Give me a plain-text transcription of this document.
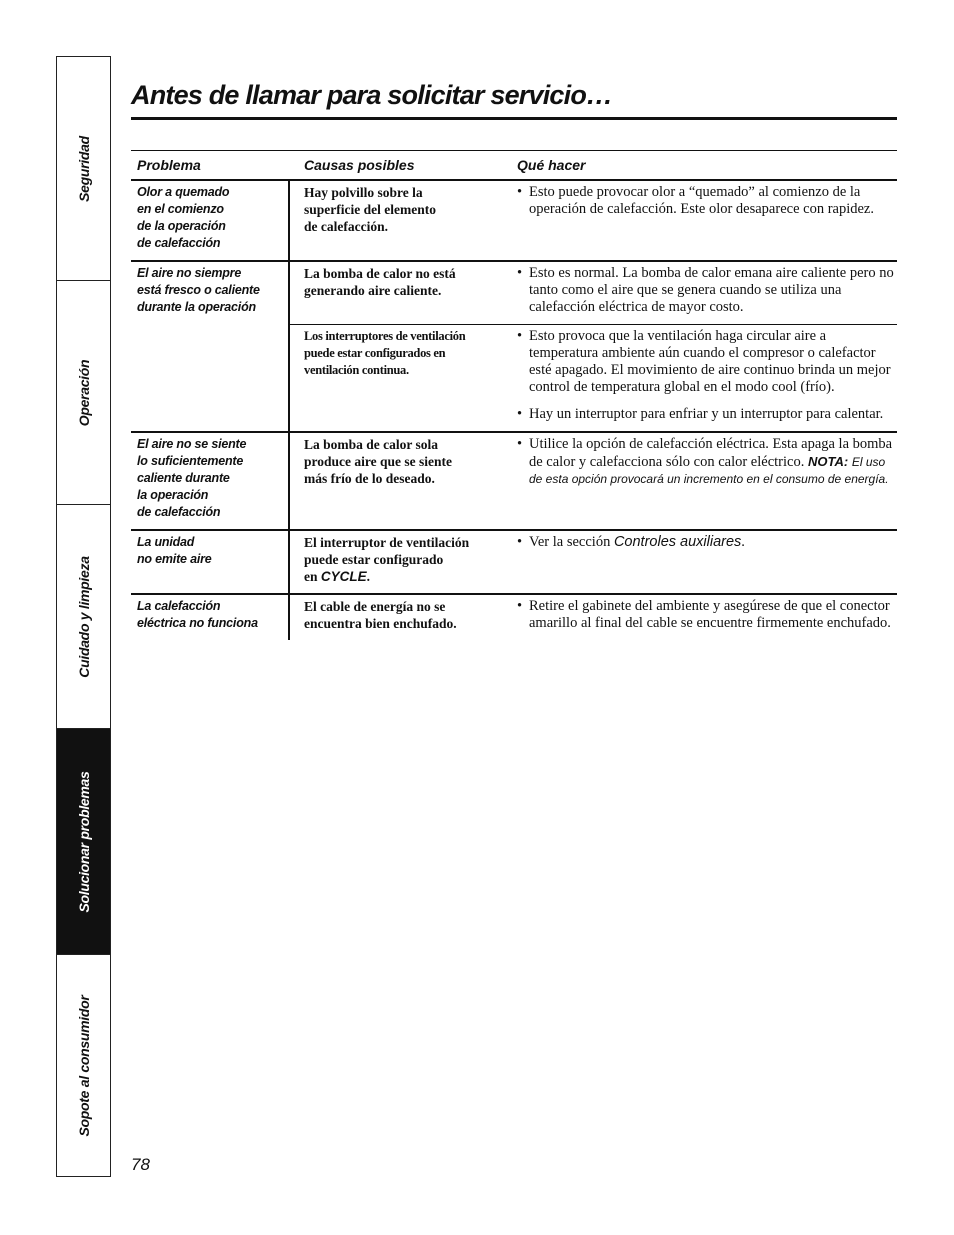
Seguridad
Operación
Cuidado y limpieza
Solucionar problemas
Sopote al consumidor
Antes de llamar para solicitar servicio…
Problema	Causas posibles	Qué hacer
Olor a quemado
en el comienzo
de la operación
de calefacción
Hay polvillo sobre la
superficie del elemento
de calefacción.
• Esto puede provocar olor a “quemado” al comienzo de la operación de calefacción. Este olor desaparece con rapidez.
El aire no siempre
está fresco o caliente
durante la operación
La bomba de calor no está
generando aire caliente.
• Esto es normal. La bomba de calor emana aire caliente pero no tanto como el aire que se genera cuando se utiliza una calefacción eléctrica de mayor costo.
Los interruptores de ventilación
puede estar configurados en
ventilación continua.
• Esto provoca que la ventilación haga circular aire a temperatura ambiente aún cuando el compresor o calefactor esté apagado. El movimiento de aire continuo brinda un mejor control de temperatura global en el modo cool (frío).
• Hay un interruptor para enfriar y un interruptor para calentar.
El aire no se siente
lo suficientemente
caliente durante
la operación
de calefacción
La bomba de calor sola
produce aire que se siente
más frío de lo deseado.
• Utilice la opción de calefacción eléctrica. Esta apaga la bomba de calor y calefacciona sólo con calor eléctrico. NOTA: El uso de esta opción provocará un incremento en el consumo de energía.
La unidad
no emite aire
El interruptor de ventilación
puede estar configurado
en CYCLE.
• Ver la sección Controles auxiliares.
La calefacción
eléctrica no funciona
El cable de energía no se
encuentra bien enchufado.
• Retire el gabinete del ambiente y asegúrese de que el conector amarillo al final del cable se encuentre firmemente enchufado.
78
